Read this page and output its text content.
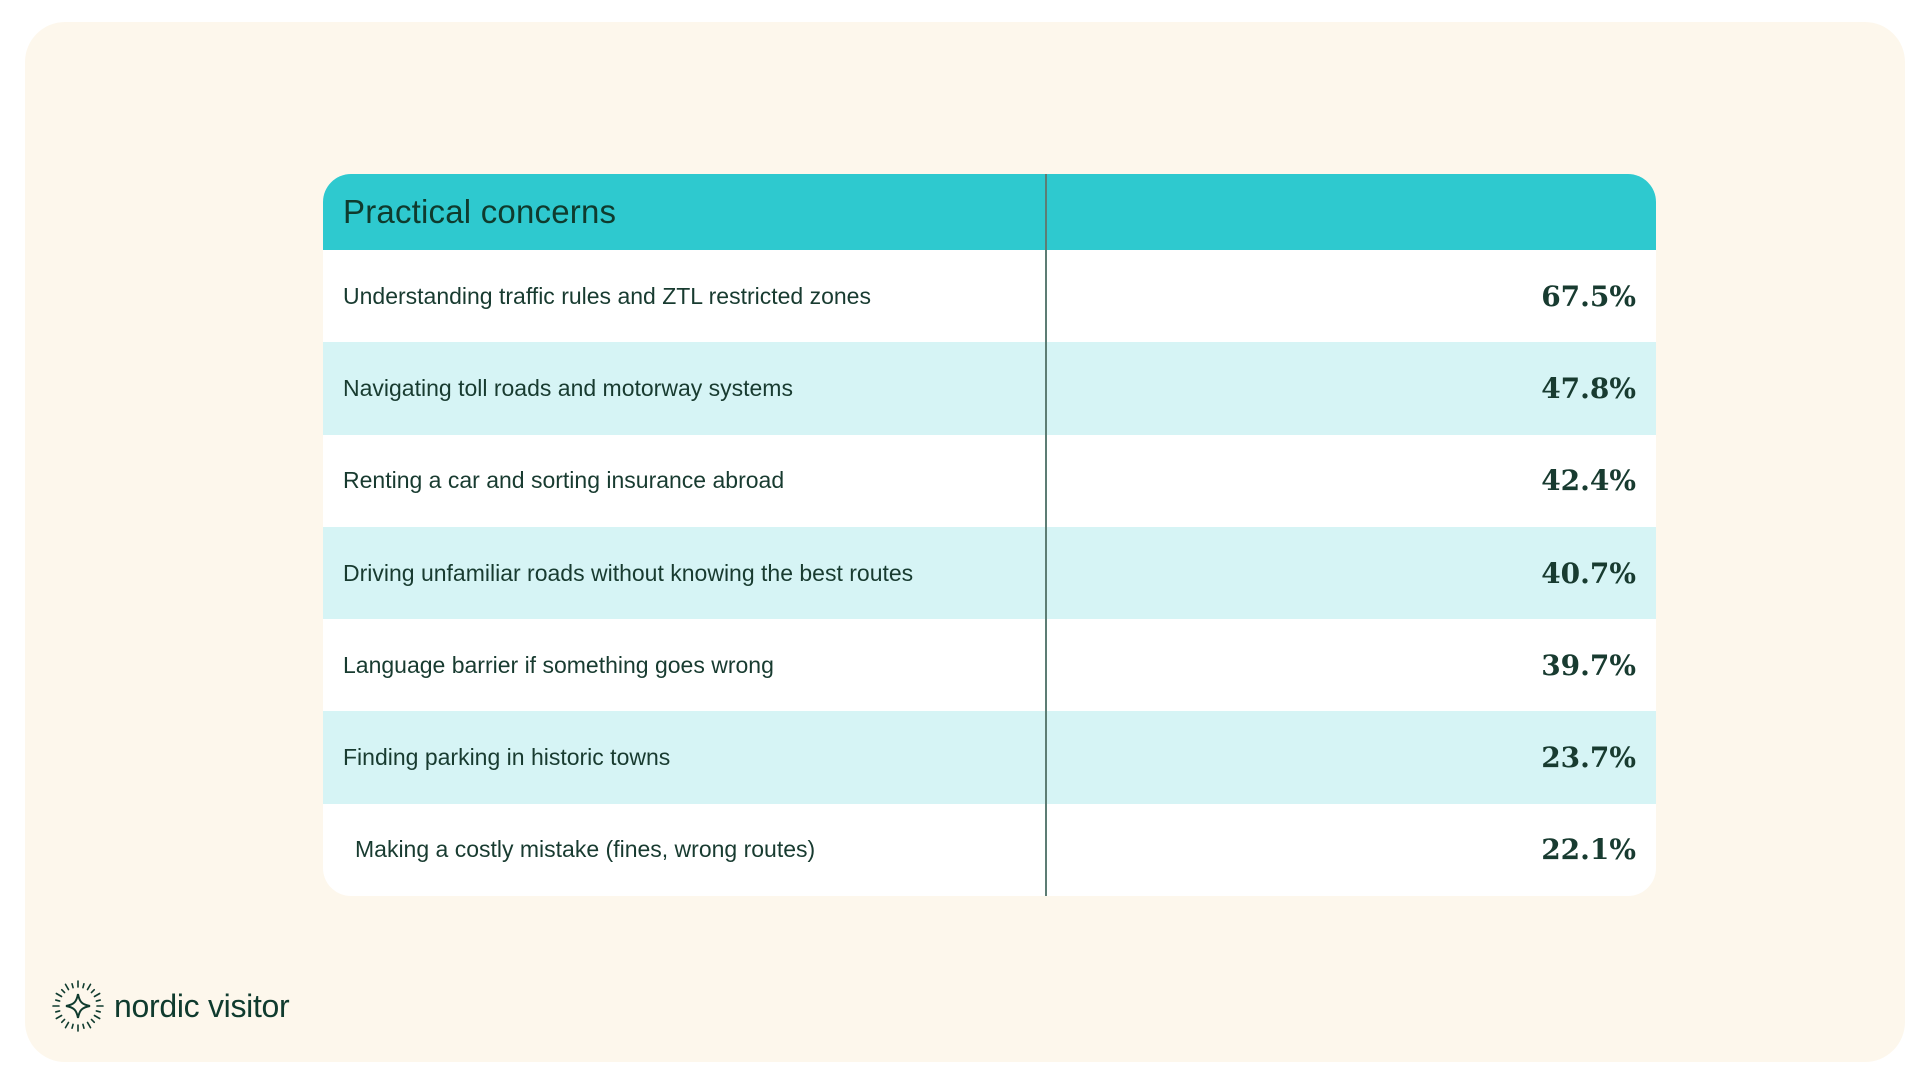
Practical concerns
Understanding traffic rules and ZTL restricted zones	67.5%
Navigating toll roads and motorway systems	47.8%
Renting a car and sorting insurance abroad	42.4%
Driving unfamiliar roads without knowing the best routes	40.7%
Language barrier if something goes wrong	39.7%
Finding parking in historic towns	23.7%
Making a costly mistake (fines, wrong routes)	22.1%
nordic visitor
